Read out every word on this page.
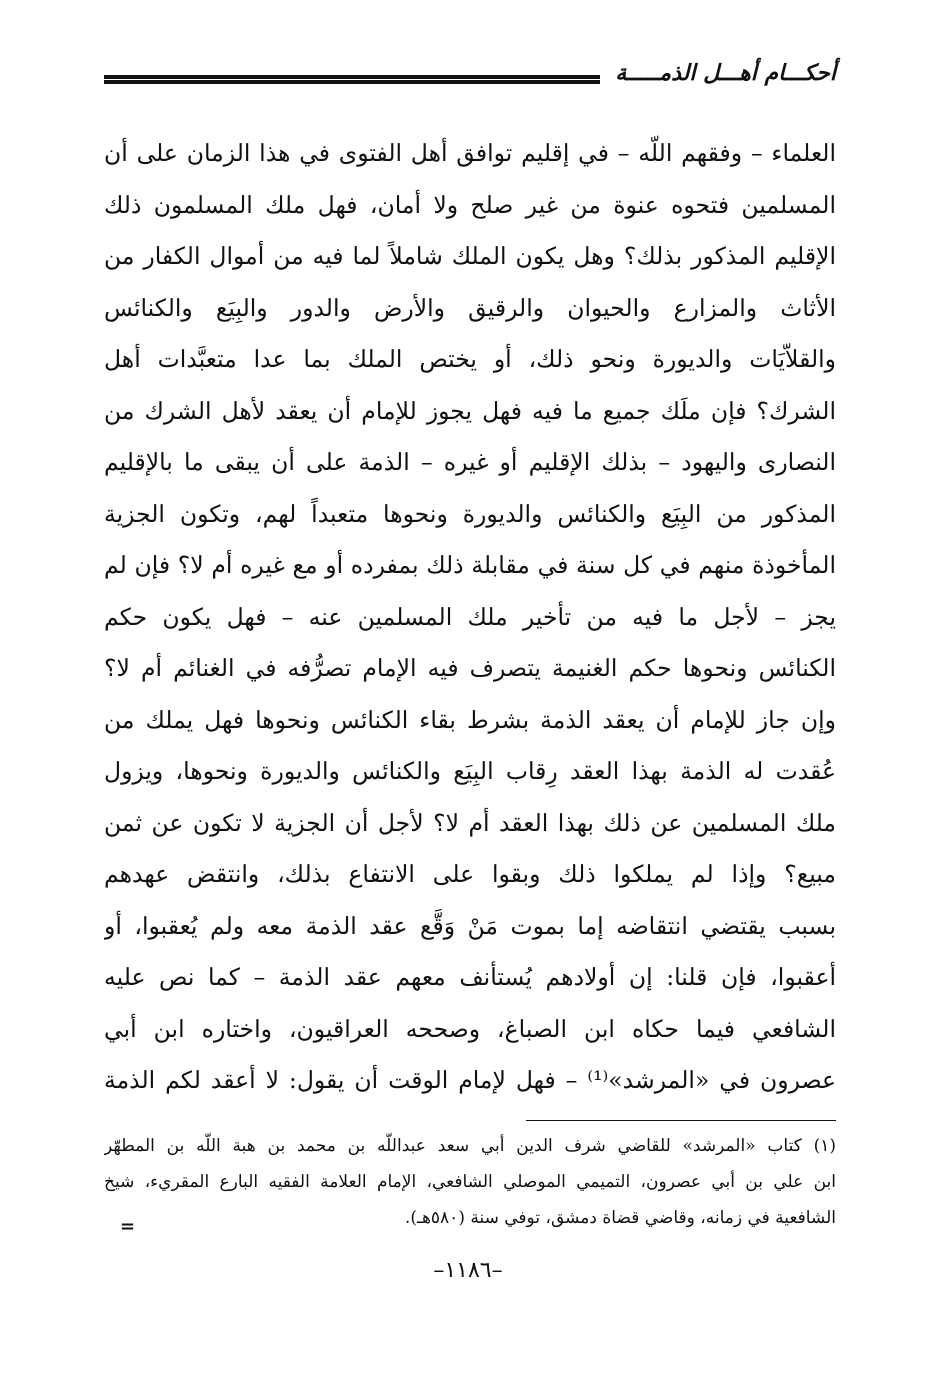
أحكـــام أهـــل الذمـــــة
العلماء – وفقهم اللّه – في إقليم توافق أهل الفتوى في هذا الزمان على أن
المسلمين فتحوه عنوة من غير صلح ولا أمان، فهل ملك المسلمون ذلك
الإقليم المذكور بذلك؟ وهل يكون الملك شاملاً لما فيه من أموال الكفار من
الأثاث والمزارع والحيوان والرقيق والأرض والدور والبِيَع والكنائس
والقلاّيَات والديورة ونحو ذلك، أو يختص الملك بما عدا متعبَّدات أهل
الشرك؟ فإن ملَك جميع ما فيه فهل يجوز للإمام أن يعقد لأهل الشرك من
النصارى واليهود – بذلك الإقليم أو غيره – الذمة على أن يبقى ما بالإقليم
المذكور من البِيَع والكنائس والديورة ونحوها متعبداً لهم، وتكون الجزية
المأخوذة منهم في كل سنة في مقابلة ذلك بمفرده أو مع غيره أم لا؟ فإن لم
يجز – لأجل ما فيه من تأخير ملك المسلمين عنه – فهل يكون حكم
الكنائس ونحوها حكم الغنيمة يتصرف فيه الإمام تصرُّفه في الغنائم أم لا؟
وإن جاز للإمام أن يعقد الذمة بشرط بقاء الكنائس ونحوها فهل يملك من
عُقدت له الذمة بهذا العقد رِقاب البِيَع والكنائس والديورة ونحوها، ويزول
ملك المسلمين عن ذلك بهذا العقد أم لا؟ لأجل أن الجزية لا تكون عن ثمن
مبيع؟ وإذا لم يملكوا ذلك وبقوا على الانتفاع بذلك، وانتقض عهدهم
بسبب يقتضي انتقاضه إما بموت مَنْ وَقَّع عقد الذمة معه ولم يُعقبوا، أو
أعقبوا، فإن قلنا: إن أولادهم يُستأنف معهم عقد الذمة – كما نص عليه
الشافعي فيما حكاه ابن الصباغ، وصححه العراقيون، واختاره ابن أبي
عصرون في «المرشد»⁽¹⁾ – فهل لإمام الوقت أن يقول: لا أعقد لكم الذمة
(١) كتاب «المرشد» للقاضي شرف الدين أبي سعد عبداللّه بن محمد بن هبة اللّه بن المطهّر
ابن علي بن أبي عصرون، التميمي الموصلي الشافعي، الإمام العلامة الفقيه البارع المقريء، شيخ
الشافعية في زمانه، وقاضي قضاة دمشق، توفي سنة (٥٨٠هـ).
=
–١١٨٦–
